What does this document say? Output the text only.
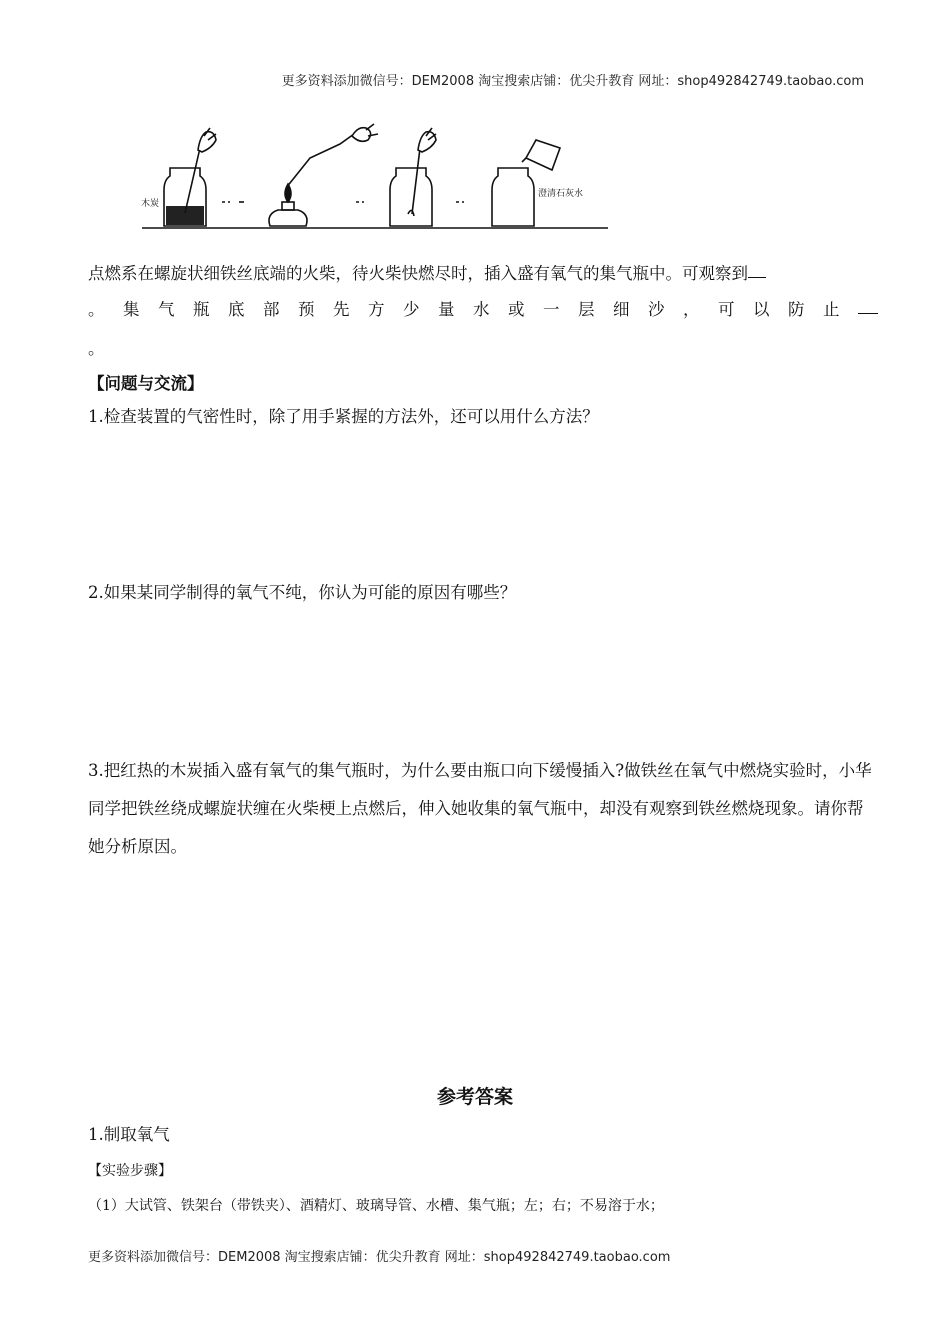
更多资料添加微信号：DEM2008 淘宝搜索店铺：优尖升教育 网址：shop492842749.taobao.com
木炭
澄清石灰水
点燃系在螺旋状细铁丝底端的火柴，待火柴快燃尽时，插入盛有氧气的集气瓶中。可观察到
。 集 气 瓶 底 部 预 先 方 少 量 水 或 一 层 细 沙 ， 可 以 防 止
。
【问题与交流】
1.检查装置的气密性时，除了用手紧握的方法外，还可以用什么方法？
2.如果某同学制得的氧气不纯，你认为可能的原因有哪些？
3.把红热的木炭插入盛有氧气的集气瓶时，为什么要由瓶口向下缓慢插入?做铁丝在氧气中燃烧实验时，小华同学把铁丝绕成螺旋状缠在火柴梗上点燃后，伸入她收集的氧气瓶中，却没有观察到铁丝燃烧现象。请你帮她分析原因。
参考答案
1.制取氧气
【实验步骤】
（1）大试管、铁架台（带铁夹）、酒精灯、玻璃导管、水槽、集气瓶；左；右；不易溶于水；
更多资料添加微信号：DEM2008 淘宝搜索店铺：优尖升教育 网址：shop492842749.taobao.com
